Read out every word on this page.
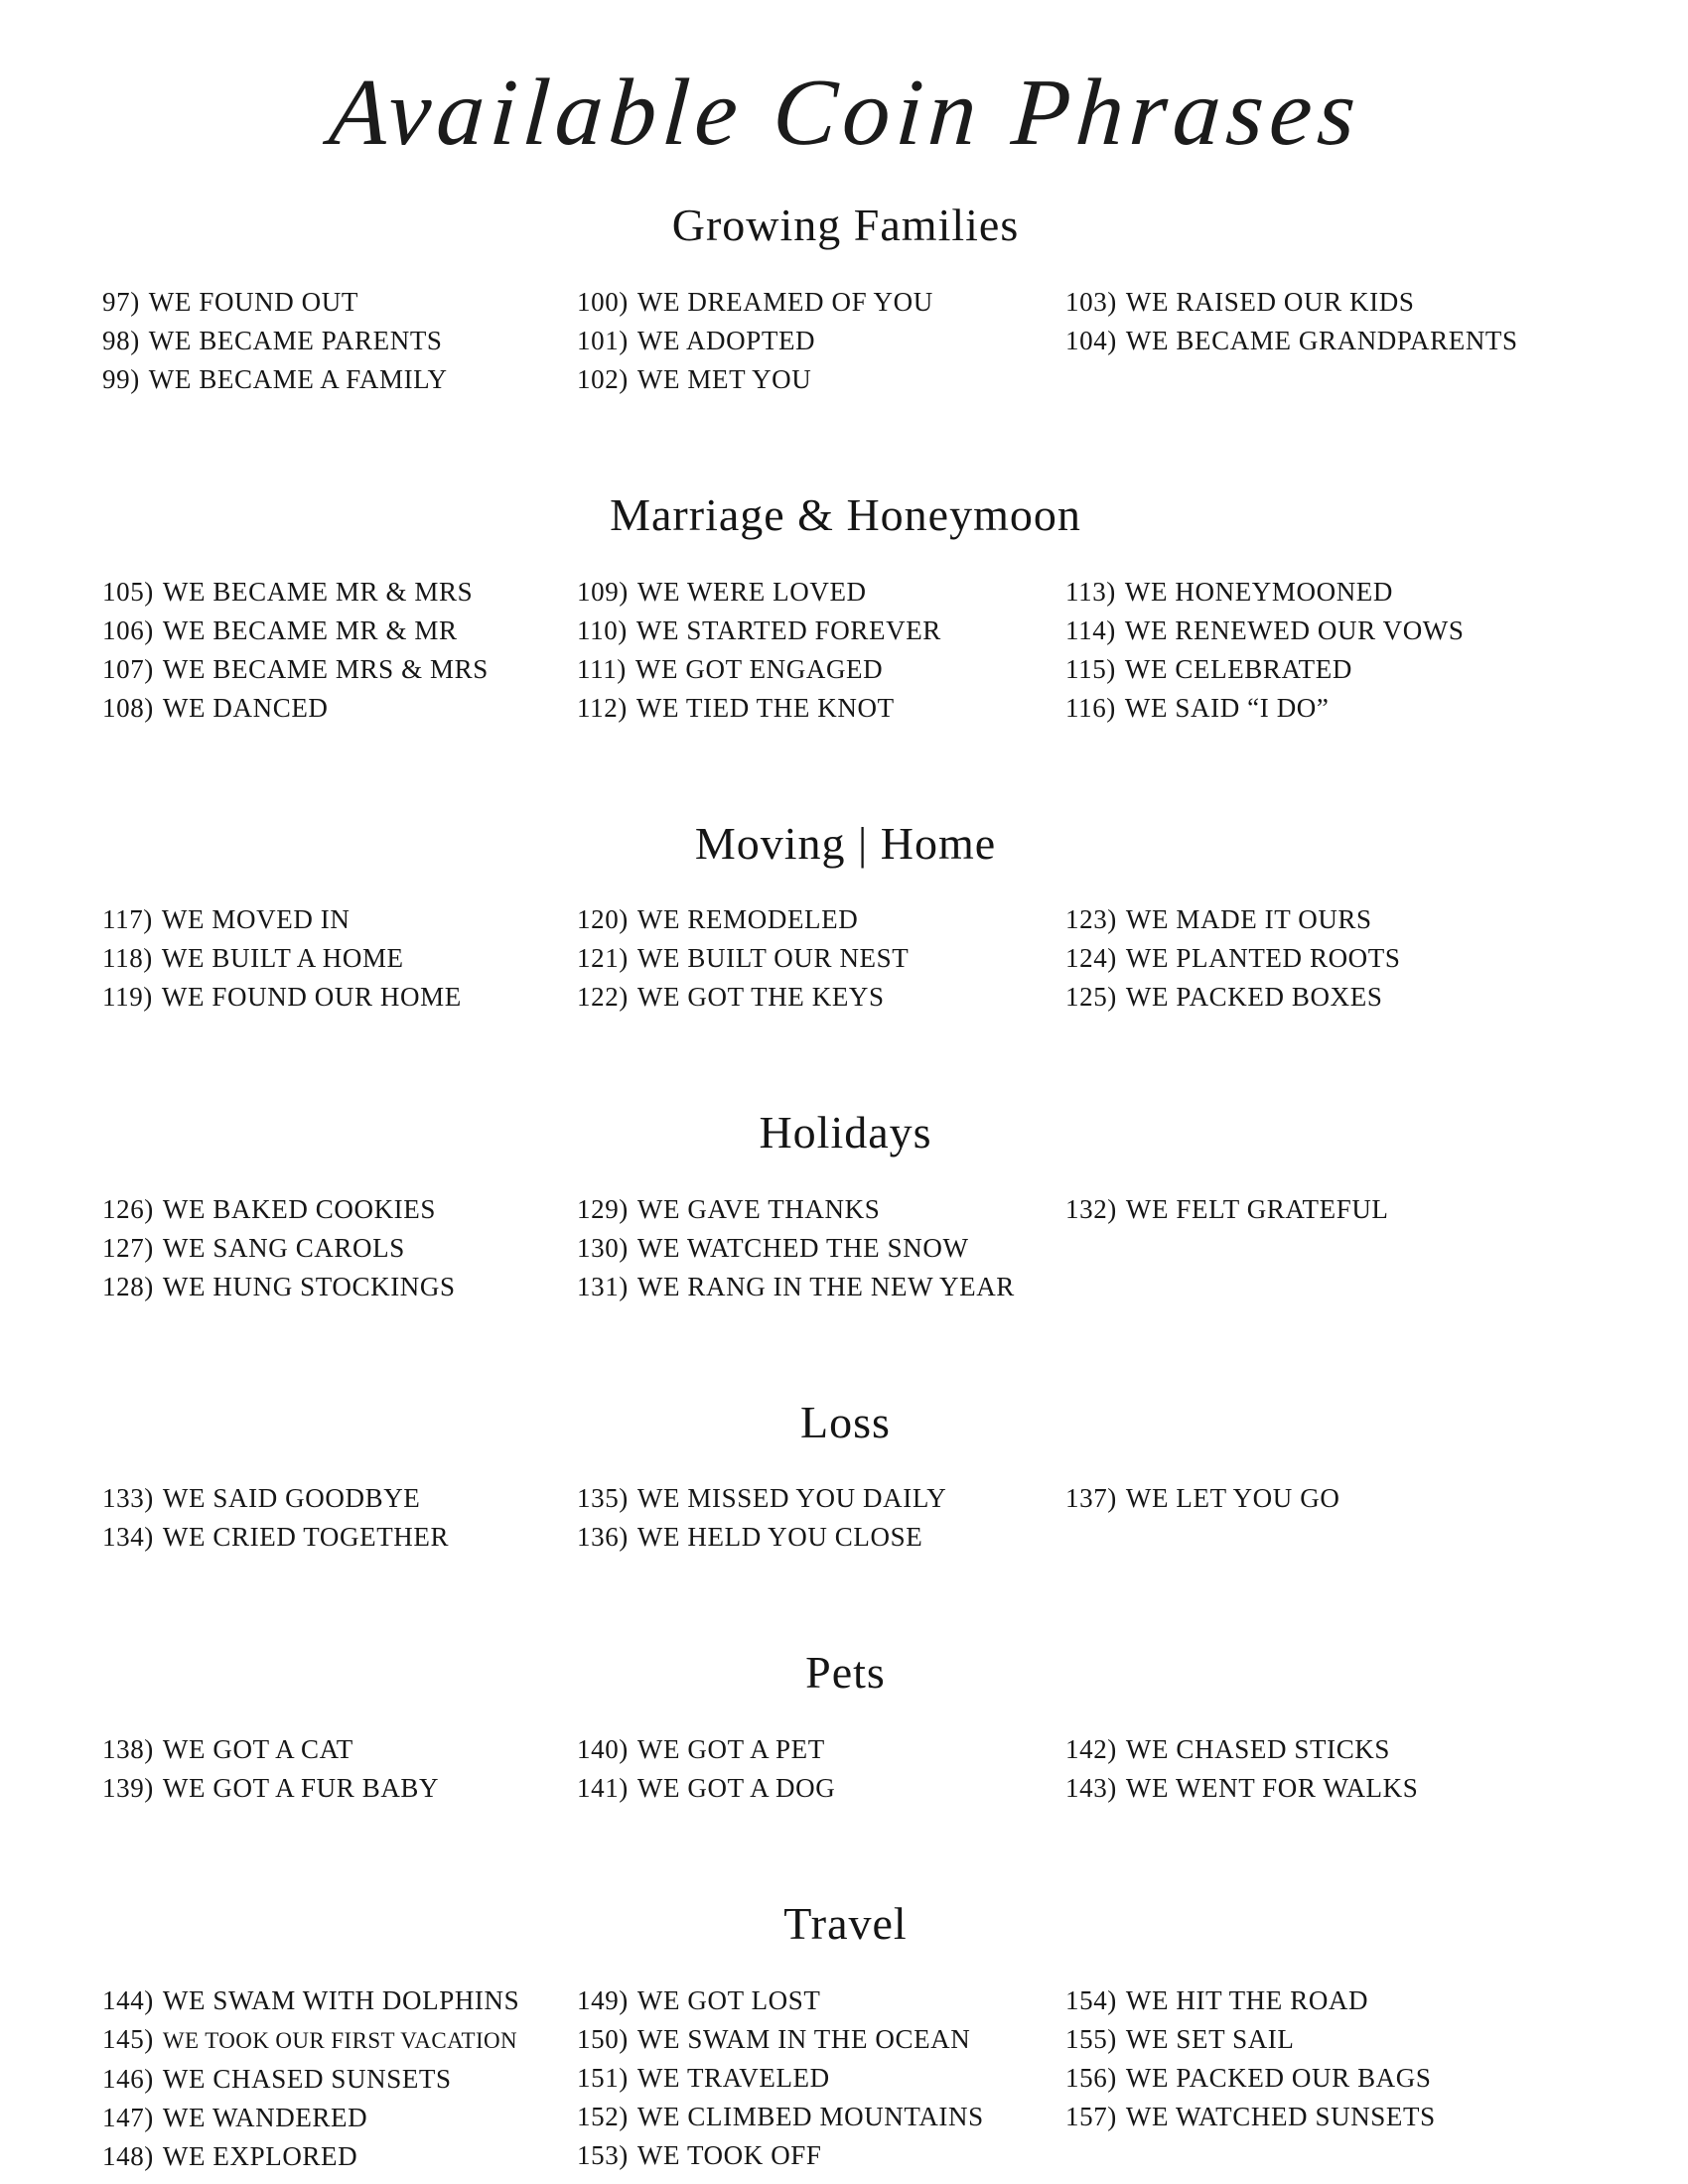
Available Coin Phrases
Growing Families
97) WE FOUND OUT
98) WE BECAME PARENTS
99) WE BECAME A FAMILY
100) WE DREAMED OF YOU
101) WE ADOPTED
102) WE MET YOU
103) WE RAISED OUR KIDS
104) WE BECAME GRANDPARENTS
Marriage & Honeymoon
105) WE BECAME MR & MRS
106) WE BECAME MR & MR
107) WE BECAME MRS & MRS
108) WE DANCED
109) WE WERE LOVED
110) WE STARTED FOREVER
111) WE GOT ENGAGED
112) WE TIED THE KNOT
113) WE HONEYMOONED
114) WE RENEWED OUR VOWS
115) WE CELEBRATED
116) WE SAID “I DO”
Moving | Home
117) WE MOVED IN
118) WE BUILT A HOME
119) WE FOUND OUR HOME
120) WE REMODELED
121) WE BUILT OUR NEST
122) WE GOT THE KEYS
123) WE MADE IT OURS
124) WE PLANTED ROOTS
125) WE PACKED BOXES
Holidays
126) WE BAKED COOKIES
127) WE SANG CAROLS
128) WE HUNG STOCKINGS
129) WE GAVE THANKS
130) WE WATCHED THE SNOW
131) WE RANG IN THE NEW YEAR
132) WE FELT GRATEFUL
Loss
133) WE SAID GOODBYE
134) WE CRIED TOGETHER
135) WE MISSED YOU DAILY
136) WE HELD YOU CLOSE
137) WE LET YOU GO
Pets
138) WE GOT A CAT
139) WE GOT A FUR BABY
140) WE GOT A PET
141) WE GOT A DOG
142) WE CHASED STICKS
143) WE WENT FOR WALKS
Travel
144) WE SWAM WITH DOLPHINS
145) WE TOOK OUR FIRST VACATION
146) WE CHASED SUNSETS
147) WE WANDERED
148) WE EXPLORED
149) WE GOT LOST
150) WE SWAM IN THE OCEAN
151) WE TRAVELED
152) WE CLIMBED MOUNTAINS
153) WE TOOK OFF
154) WE HIT THE ROAD
155) WE SET SAIL
156) WE PACKED OUR BAGS
157) WE WATCHED SUNSETS
